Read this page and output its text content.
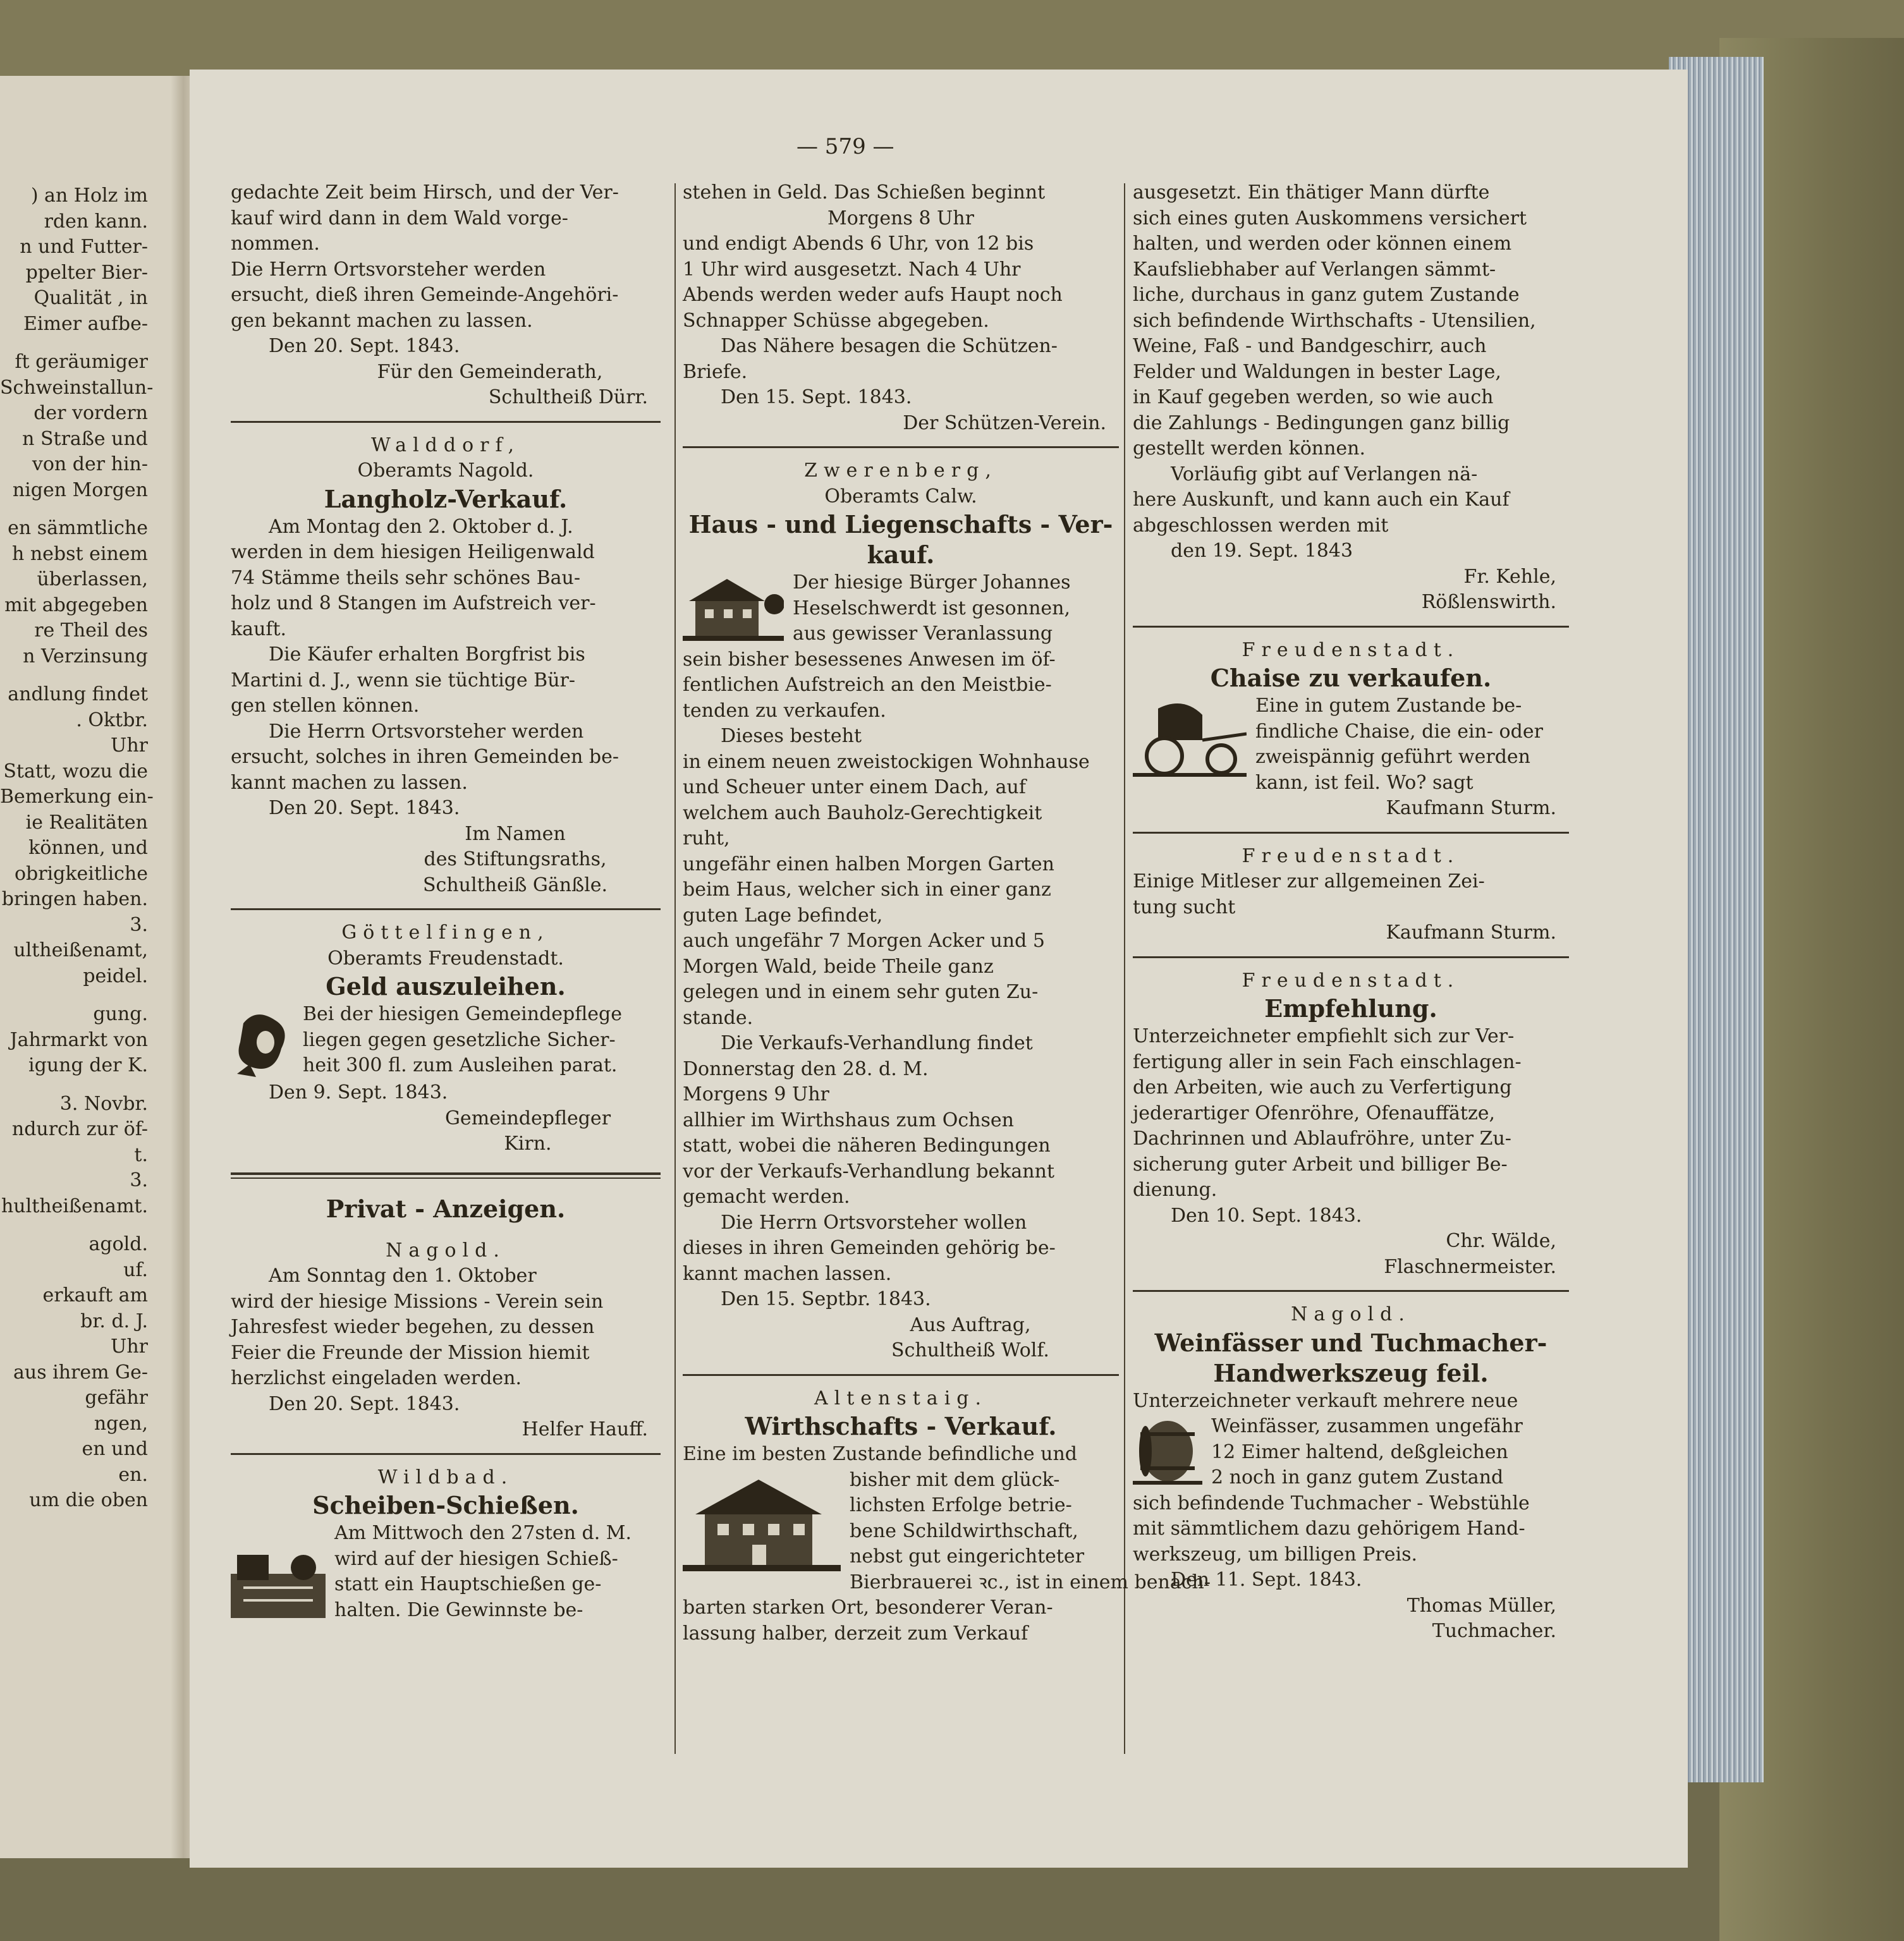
) an Holz im

rden kann.

n und Futter-

ppelter Bier-

Qualität , in

Eimer aufbe-

ft geräumiger

Schweinstallun-

der vordern

n Straße und

von der hin-

nigen Morgen

en sämmtliche

h nebst einem

überlassen,

mit abgegeben

re Theil des

n Verzinsung

andlung findet

. Oktbr.

Uhr

Statt, wozu die

Bemerkung ein-

ie Realitäten

können, und

obrigkeitliche

bringen haben.

3.

ultheißenamt,

peidel.

gung.

Jahrmarkt von

igung der K.

3. Novbr.

ndurch zur öf-

t.

3.

hultheißenamt.

agold.

uf.

erkauft am

br. d. J.

Uhr

aus ihrem Ge-

gefähr

ngen,

en und

en.

um die oben

— 579 —

gedachte Zeit beim Hirsch, und der Ver-

kauf wird dann in dem Wald vorge-

nommen.

Die Herrn Ortsvorsteher werden

ersucht, dieß ihren Gemeinde-Angehöri-

gen bekannt machen zu lassen.

Den 20. Sept. 1843.

Für den Gemeinderath,

Schultheiß Dürr.

Walddorf,

Oberamts Nagold.

Langholz-Verkauf.

Am Montag den 2. Oktober d. J.

werden in dem hiesigen Heiligenwald

74 Stämme theils sehr schönes Bau-

holz und 8 Stangen im Aufstreich ver-

kauft.

Die Käufer erhalten Borgfrist bis

Martini d. J., wenn sie tüchtige Bür-

gen stellen können.

Die Herrn Ortsvorsteher werden

ersucht, solches in ihren Gemeinden be-

kannt machen zu lassen.

Den 20. Sept. 1843.

Im Namen

des Stiftungsraths,

Schultheiß Gänßle.

Göttelfingen,

Oberamts Freudenstadt.

Geld auszuleihen.

Bei der hiesigen Gemeindepflege

liegen gegen gesetzliche Sicher-

heit 300 fl. zum Ausleihen parat.

Den 9. Sept. 1843.

Gemeindepfleger

Kirn.

Privat - Anzeigen.

Nagold.

Am Sonntag den 1. Oktober

wird der hiesige Missions - Verein sein

Jahresfest wieder begehen, zu dessen

Feier die Freunde der Mission hiemit

herzlichst eingeladen werden.

Den 20. Sept. 1843.

Helfer Hauff.

Wildbad.

Scheiben-Schießen.

Am Mittwoch den 27sten d. M.

wird auf der hiesigen Schieß-

statt ein Hauptschießen ge-

halten. Die Gewinnste be-

stehen in Geld. Das Schießen beginnt

Morgens 8 Uhr

und endigt Abends 6 Uhr, von 12 bis

1 Uhr wird ausgesetzt. Nach 4 Uhr

Abends werden weder aufs Haupt noch

Schnapper Schüsse abgegeben.

Das Nähere besagen die Schützen-

Briefe.

Den 15. Sept. 1843.

Der Schützen-Verein.

Zwerenberg,

Oberamts Calw.

Haus - und Liegenschafts - Ver-

kauf.

Der hiesige Bürger Johannes

Heselschwerdt ist gesonnen,

aus gewisser Veranlassung

sein bisher besessenes Anwesen im öf-

fentlichen Aufstreich an den Meistbie-

tenden zu verkaufen.

Dieses besteht

in einem neuen zweistockigen Wohnhause

und Scheuer unter einem Dach, auf

welchem auch Bauholz-Gerechtigkeit

ruht,

ungefähr einen halben Morgen Garten

beim Haus, welcher sich in einer ganz

guten Lage befindet,

auch ungefähr 7 Morgen Acker und 5

Morgen Wald, beide Theile ganz

gelegen und in einem sehr guten Zu-

stande.

Die Verkaufs-Verhandlung findet

Donnerstag den 28. d. M.

Morgens 9 Uhr

allhier im Wirthshaus zum Ochsen

statt, wobei die näheren Bedingungen

vor der Verkaufs-Verhandlung bekannt

gemacht werden.

Die Herrn Ortsvorsteher wollen

dieses in ihren Gemeinden gehörig be-

kannt machen lassen.

Den 15. Septbr. 1843.

Aus Auftrag,

Schultheiß Wolf.

Altenstaig.

Wirthschafts - Verkauf.

Eine im besten Zustande befindliche und

bisher mit dem glück-

lichsten Erfolge betrie-

bene Schildwirthschaft,

nebst gut eingerichteter

Bierbrauerei ꝛc., ist in einem benach-

barten starken Ort, besonderer Veran-

lassung halber, derzeit zum Verkauf

ausgesetzt. Ein thätiger Mann dürfte

sich eines guten Auskommens versichert

halten, und werden oder können einem

Kaufsliebhaber auf Verlangen sämmt-

liche, durchaus in ganz gutem Zustande

sich befindende Wirthschafts - Utensilien,

Weine, Faß - und Bandgeschirr, auch

Felder und Waldungen in bester Lage,

in Kauf gegeben werden, so wie auch

die Zahlungs - Bedingungen ganz billig

gestellt werden können.

Vorläufig gibt auf Verlangen nä-

here Auskunft, und kann auch ein Kauf

abgeschlossen werden mit

den 19. Sept. 1843

Fr. Kehle,

Rößlenswirth.

Freudenstadt.

Chaise zu verkaufen.

Eine in gutem Zustande be-

findliche Chaise, die ein- oder

zweispännig geführt werden

kann, ist feil. Wo? sagt

Kaufmann Sturm.

Freudenstadt.

Einige Mitleser zur allgemeinen Zei-

tung sucht

Kaufmann Sturm.

Freudenstadt.

Empfehlung.

Unterzeichneter empfiehlt sich zur Ver-

fertigung aller in sein Fach einschlagen-

den Arbeiten, wie auch zu Verfertigung

jederartiger Ofenröhre, Ofenauffätze,

Dachrinnen und Ablaufröhre, unter Zu-

sicherung guter Arbeit und billiger Be-

dienung.

Den 10. Sept. 1843.

Chr. Wälde,

Flaschnermeister.

Nagold.

Weinfässer und Tuchmacher-

Handwerkszeug feil.

Unterzeichneter verkauft mehrere neue

Weinfässer, zusammen ungefähr

12 Eimer haltend, deßgleichen

2 noch in ganz gutem Zustand

sich befindende Tuchmacher - Webstühle

mit sämmtlichem dazu gehörigem Hand-

werkszeug, um billigen Preis.

Den 11. Sept. 1843.

Thomas Müller,

Tuchmacher.
